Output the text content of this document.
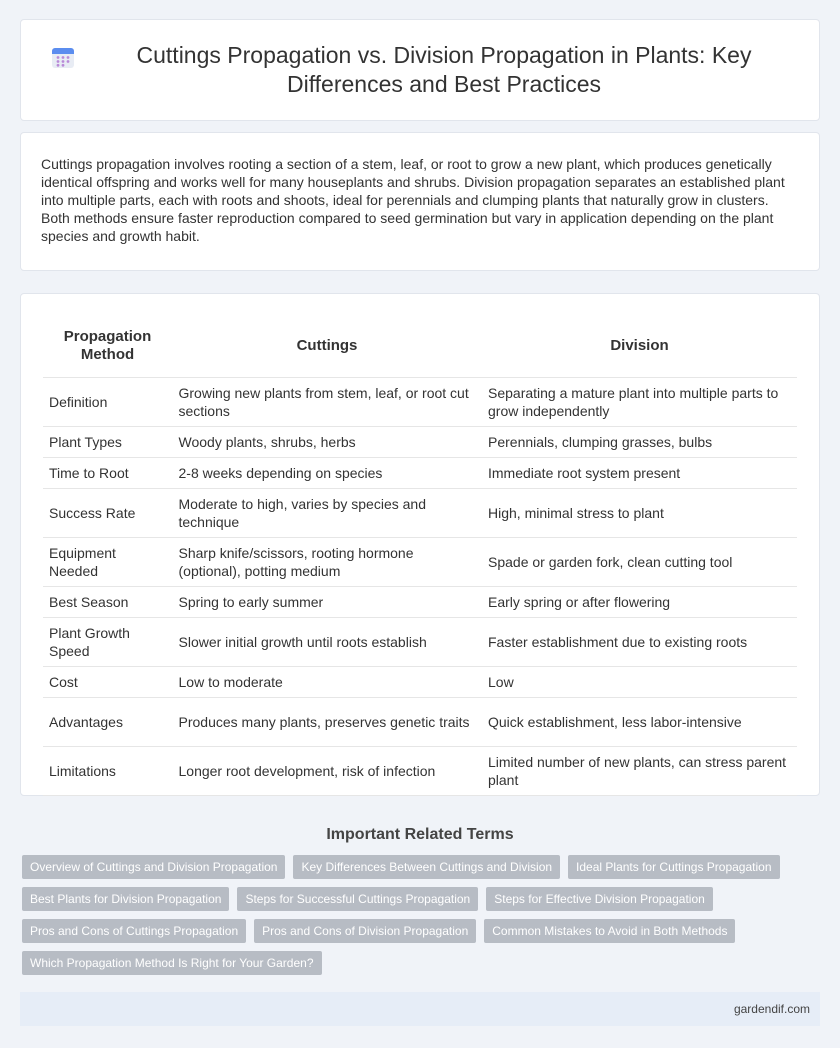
Cuttings Propagation vs. Division Propagation in Plants: Key Differences and Best Practices

Cuttings propagation involves rooting a section of a stem, leaf, or root to grow a new plant, which produces genetically identical offspring and works well for many houseplants and shrubs. Division propagation separates an established plant into multiple parts, each with roots and shoots, ideal for perennials and clumping plants that naturally grow in clusters. Both methods ensure faster reproduction compared to seed germination but vary in application depending on the plant species and growth habit.

Propagation Method	Cuttings	Division
Definition	Growing new plants from stem, leaf, or root cut sections	Separating a mature plant into multiple parts to grow independently
Plant Types	Woody plants, shrubs, herbs	Perennials, clumping grasses, bulbs
Time to Root	2-8 weeks depending on species	Immediate root system present
Success Rate	Moderate to high, varies by species and technique	High, minimal stress to plant
Equipment Needed	Sharp knife/scissors, rooting hormone (optional), potting medium	Spade or garden fork, clean cutting tool
Best Season	Spring to early summer	Early spring or after flowering
Plant Growth Speed	Slower initial growth until roots establish	Faster establishment due to existing roots
Cost	Low to moderate	Low
Advantages	Produces many plants, preserves genetic traits	Quick establishment, less labor-intensive
Limitations	Longer root development, risk of infection	Limited number of new plants, can stress parent plant
Important Related Terms
Overview of Cuttings and Division Propagation	Key Differences Between Cuttings and Division	Ideal Plants for Cuttings Propagation
Best Plants for Division Propagation	Steps for Successful Cuttings Propagation	Steps for Effective Division Propagation
Pros and Cons of Cuttings Propagation	Pros and Cons of Division Propagation	Common Mistakes to Avoid in Both Methods
Which Propagation Method Is Right for Your Garden?
gardendif.com
